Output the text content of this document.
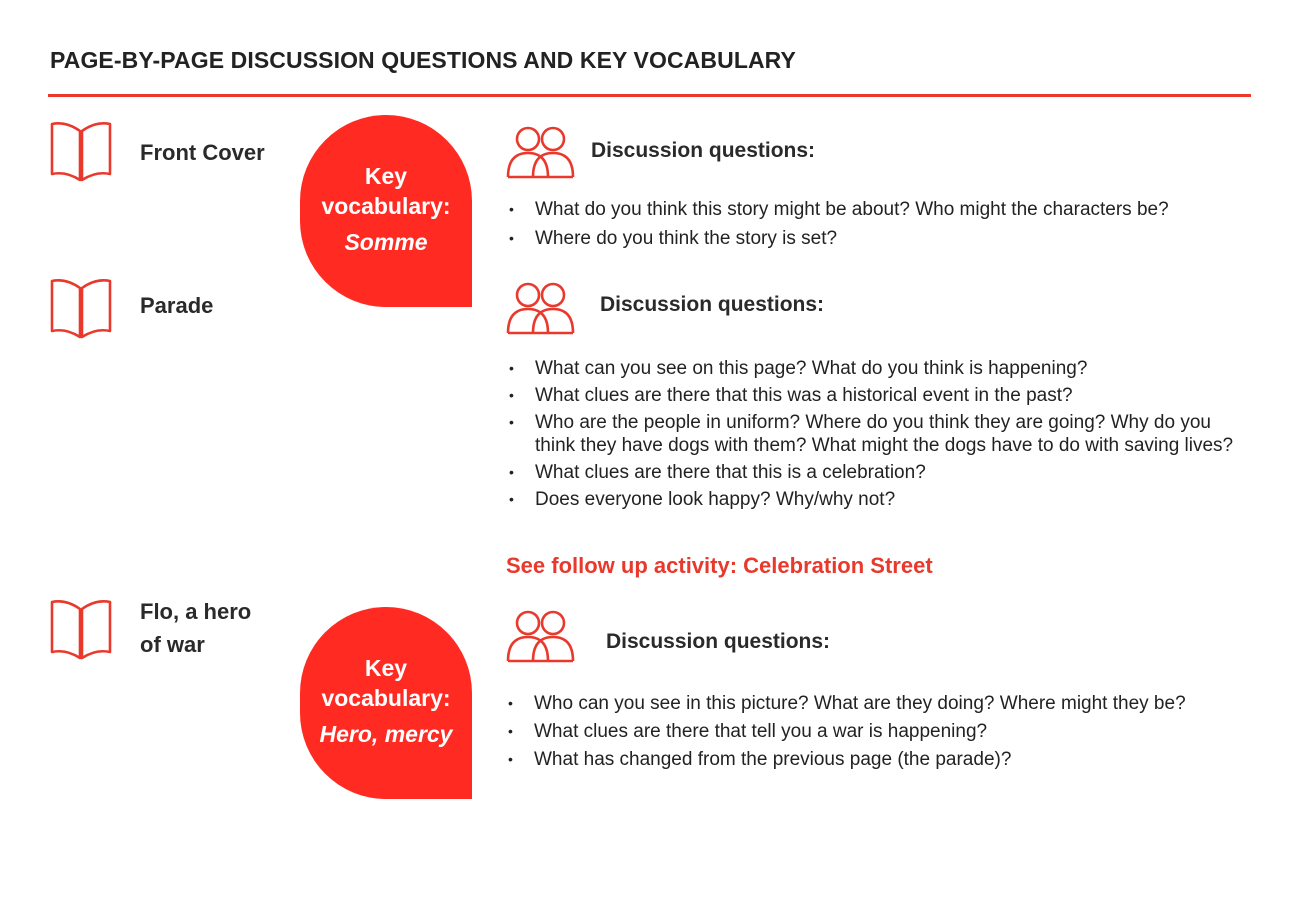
PAGE-BY-PAGE DISCUSSION QUESTIONS AND KEY VOCABULARY
Front Cover
Key
vocabulary:
Somme
Discussion questions:
• What do you think this story might be about? Who might the characters be?
• Where do you think the story is set?
Parade	Discussion questions:
• What can you see on this page? What do you think is happening?
• What clues are there that this was a historical event in the past?
• Who are the people in uniform? Where do you think they are going? Why do you think they have dogs with them? What might the dogs have to do with saving lives?
• What clues are there that this is a celebration?
• Does everyone look happy? Why/why not?
See follow up activity: Celebration Street
Flo, a hero
of war
Key
vocabulary:
Hero, mercy
Discussion questions:
• Who can you see in this picture? What are they doing? Where might they be?
• What clues are there that tell you a war is happening?
• What has changed from the previous page (the parade)?
